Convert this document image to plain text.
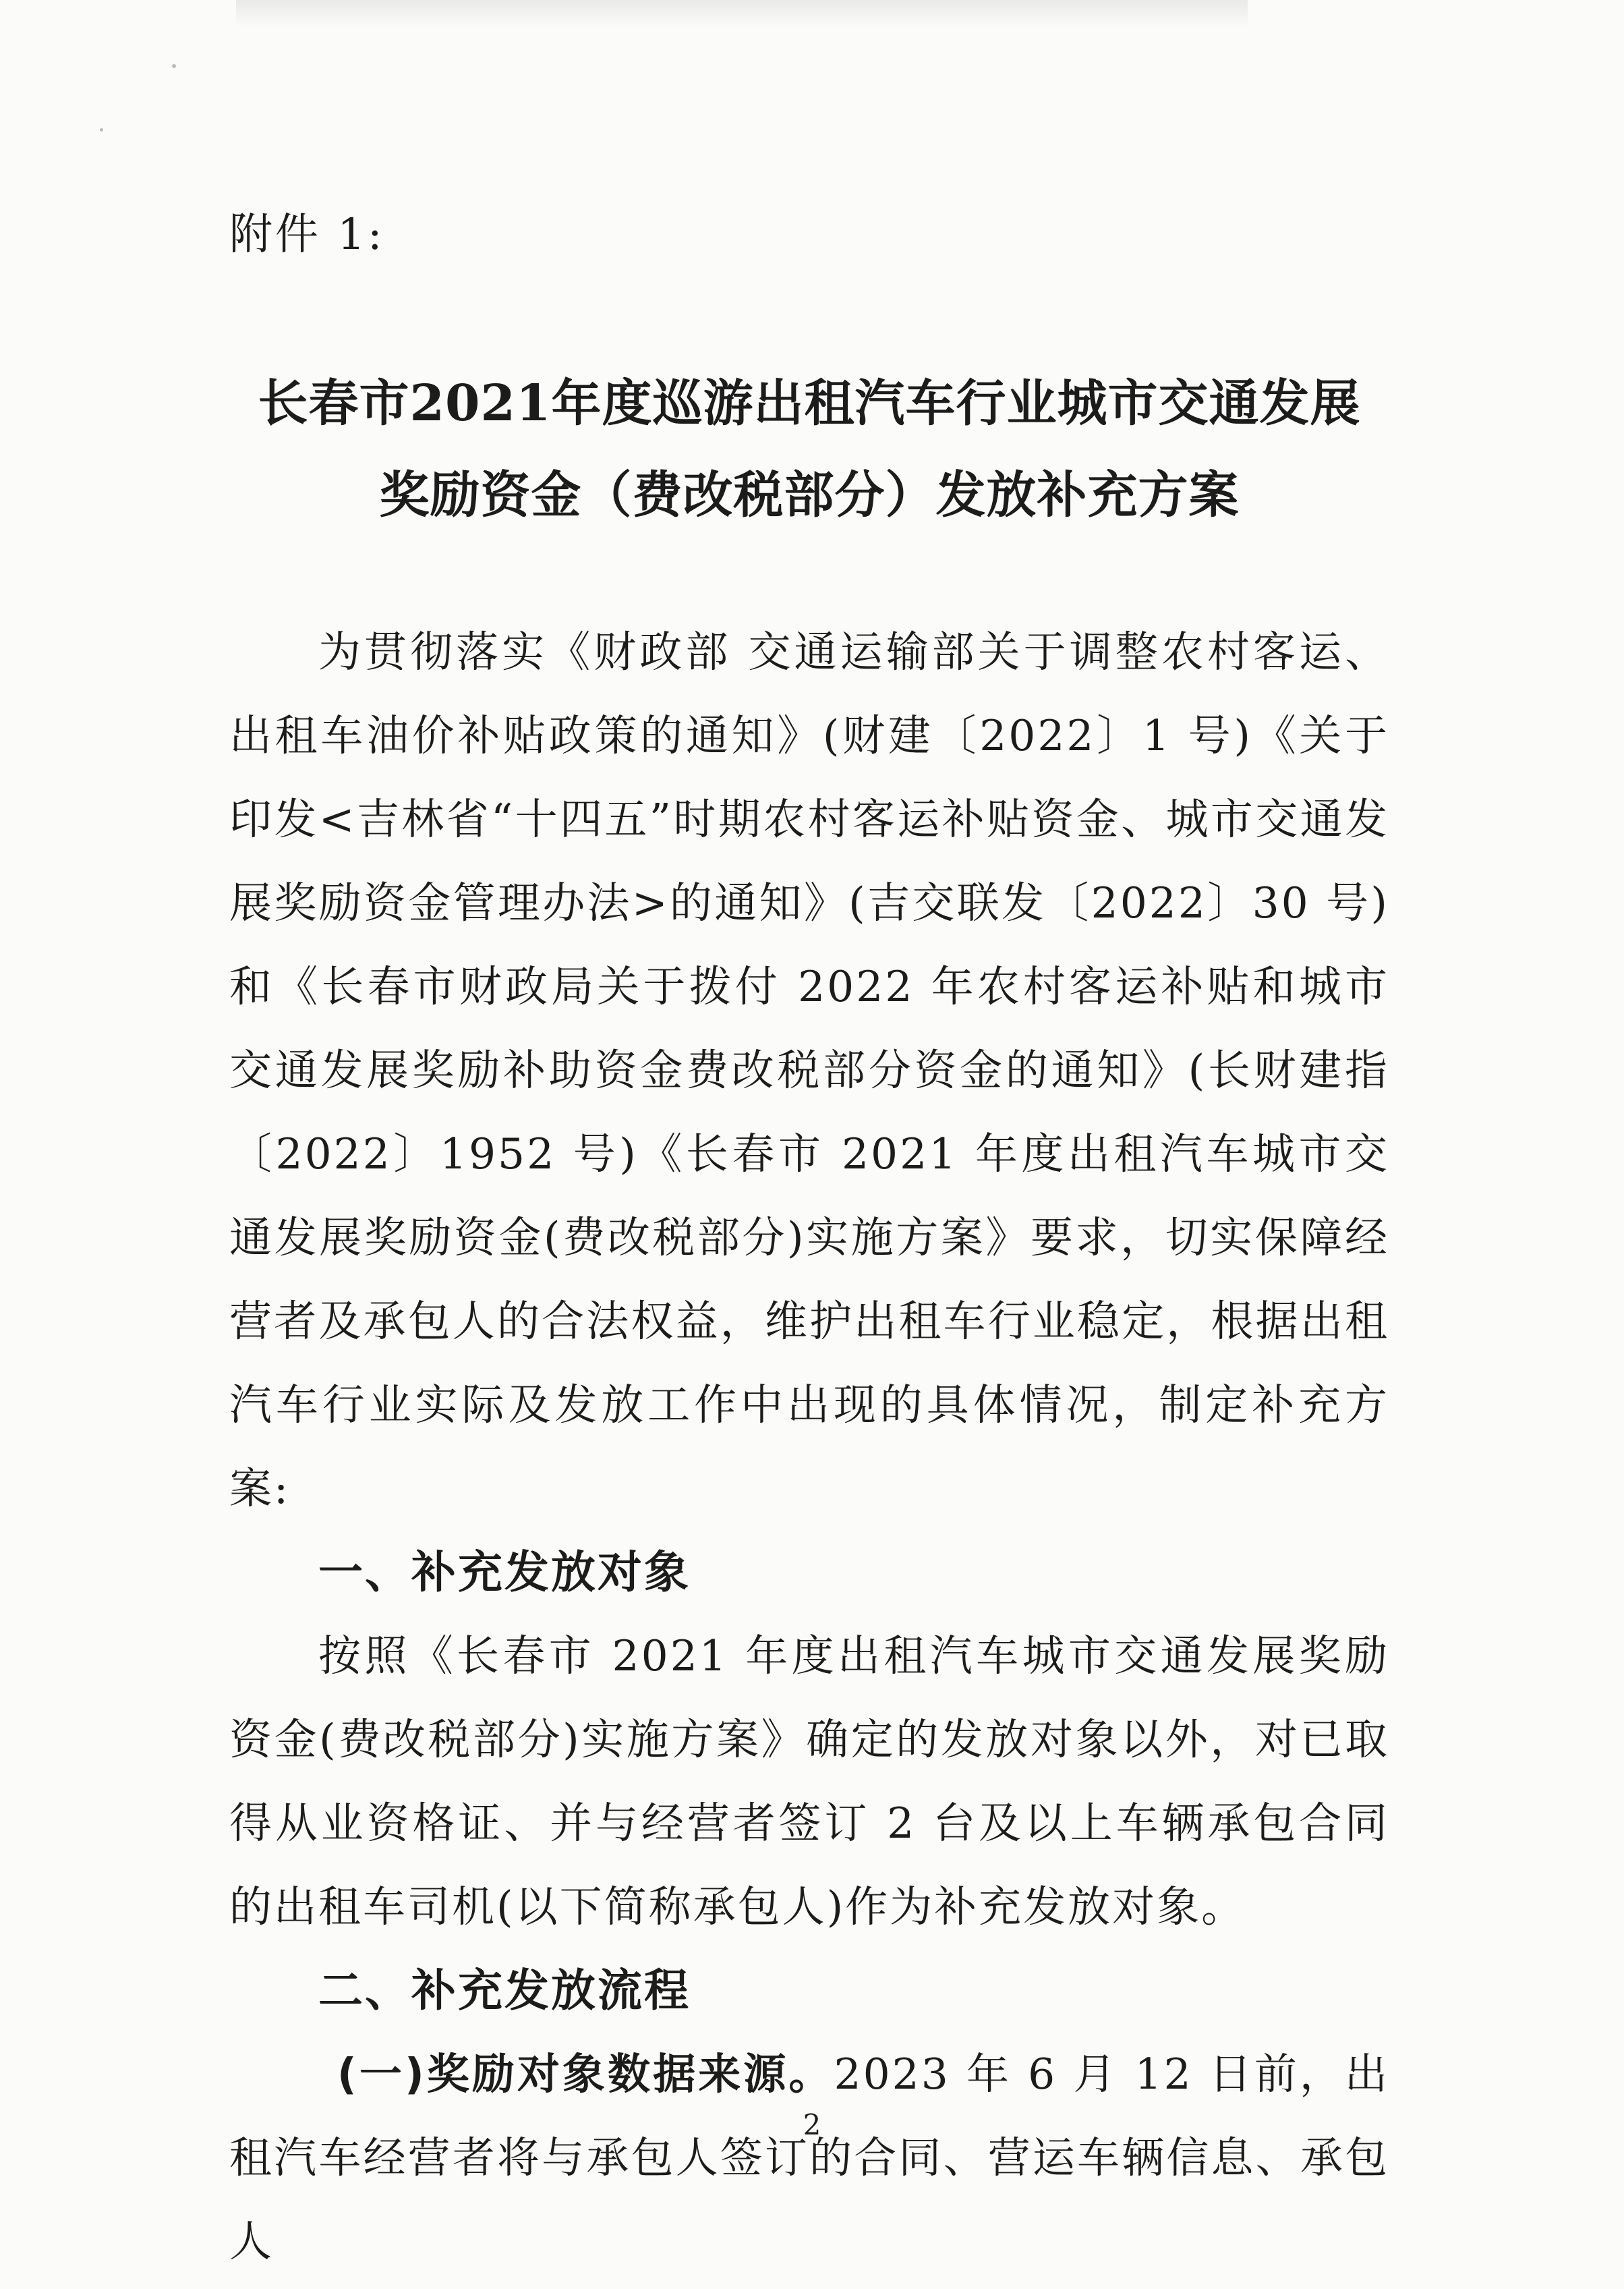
附件 1:

长春市2021年度巡游出租汽车行业城市交通发展
奖励资金（费改税部分）发放补充方案

为贯彻落实《财政部 交通运输部关于调整农村客运、出租车油价补贴政策的通知》(财建〔2022〕1 号)《关于印发<吉林省“十四五”时期农村客运补贴资金、城市交通发展奖励资金管理办法>的通知》(吉交联发〔2022〕30 号)和《长春市财政局关于拨付 2022 年农村客运补贴和城市交通发展奖励补助资金费改税部分资金的通知》(长财建指〔2022〕1952 号)《长春市 2021 年度出租汽车城市交通发展奖励资金(费改税部分)实施方案》要求，切实保障经营者及承包人的合法权益，维护出租车行业稳定，根据出租汽车行业实际及发放工作中出现的具体情况，制定补充方案:

一、补充发放对象

按照《长春市 2021 年度出租汽车城市交通发展奖励资金(费改税部分)实施方案》确定的发放对象以外，对已取得从业资格证、并与经营者签订 2 台及以上车辆承包合同的出租车司机(以下简称承包人)作为补充发放对象。

二、补充发放流程

(一)奖励对象数据来源。2023 年 6 月 12 日前，出租汽车经营者将与承包人签订的合同、营运车辆信息、承包人

2
